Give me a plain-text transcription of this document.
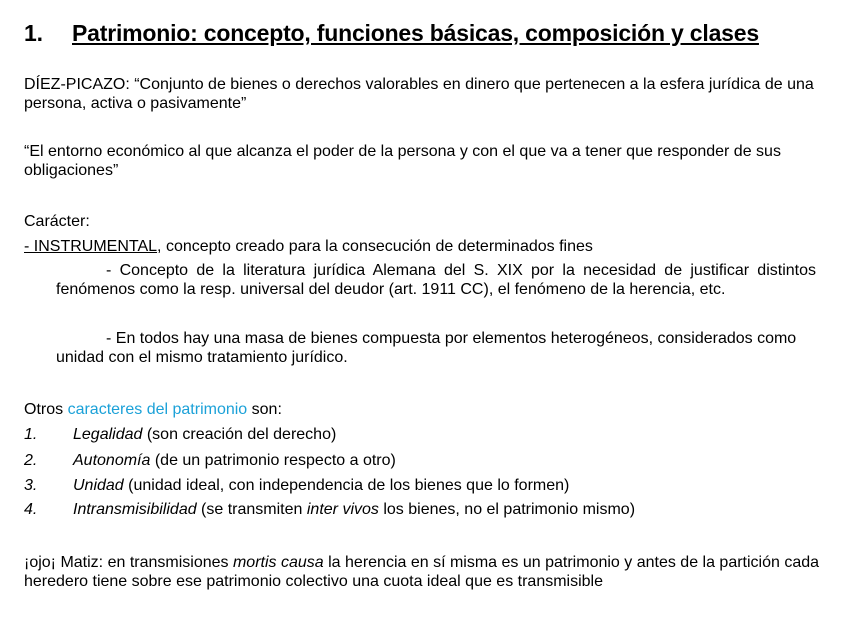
1. Patrimonio: concepto, funciones básicas, composición y clases
DÍEZ-PICAZO: “Conjunto de bienes o derechos valorables en dinero que pertenecen a la esfera jurídica de una persona, activa o pasivamente”
“El entorno económico al que alcanza el poder de la persona y con el que va a tener que responder de sus obligaciones”
Carácter:
- INSTRUMENTAL, concepto creado para la consecución de determinados fines
- Concepto de la literatura jurídica Alemana del S. XIX por la necesidad de justificar distintos fenómenos como la resp. universal del deudor (art. 1911 CC), el fenómeno de la herencia, etc.
- En todos hay una masa de bienes compuesta por elementos heterogéneos, considerados como unidad con el mismo tratamiento jurídico.
Otros caracteres del patrimonio son:
1. Legalidad (son creación del derecho)
2. Autonomía (de un patrimonio respecto a otro)
3. Unidad (unidad ideal, con independencia de los bienes que lo formen)
4. Intransmisibilidad (se transmiten inter vivos los bienes, no el patrimonio mismo)
¡ojo¡ Matiz: en transmisiones mortis causa la herencia en sí misma es un patrimonio y antes de la partición cada heredero tiene sobre ese patrimonio colectivo una cuota ideal que es transmisible
